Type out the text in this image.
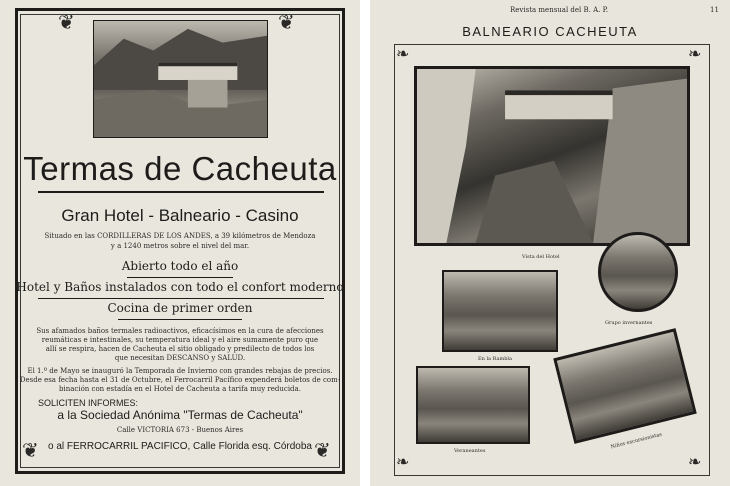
❦	❦
❦	❦
Termas de Cacheuta
Gran Hotel - Balneario - Casino
Situado en las CORDILLERAS DE LOS ANDES, a 39 kilómetros de Mendoza
y a 1240 metros sobre el nivel del mar.
Abierto todo el año
Hotel y Baños instalados con todo el confort moderno
Cocina de primer orden
Sus afamados baños termales radioactivos, eficacísimos en la cura de afecciones
reumáticas e intestinales, su temperatura ideal y el aire sumamente puro que
allí se respira, hacen de Cacheuta el sitio obligado y predilecto de todos los
que necesitan DESCANSO y SALUD.
El 1.º de Mayo se inauguró la Temporada de Invierno con grandes rebajas de precios.
Desde esa fecha hasta el 31 de Octubre, el Ferrocarril Pacífico expenderá boletos de com-
binación con estadía en el Hotel de Cacheuta a tarifa muy reducida.
SOLICITEN INFORMES:
a la Sociedad Anónima "Termas de Cacheuta"
Calle VICTORIA 673 - Buenos Aires
o al FERROCARRIL PACIFICO, Calle Florida esq. Córdoba
Revista mensual del B. A. P.	11
BALNEARIO CACHEUTA
❧	❧
❧	❧
Vista del Hotel
En la Rambla
Grupo invernantes
Veraneantes
Niños excursionistas
